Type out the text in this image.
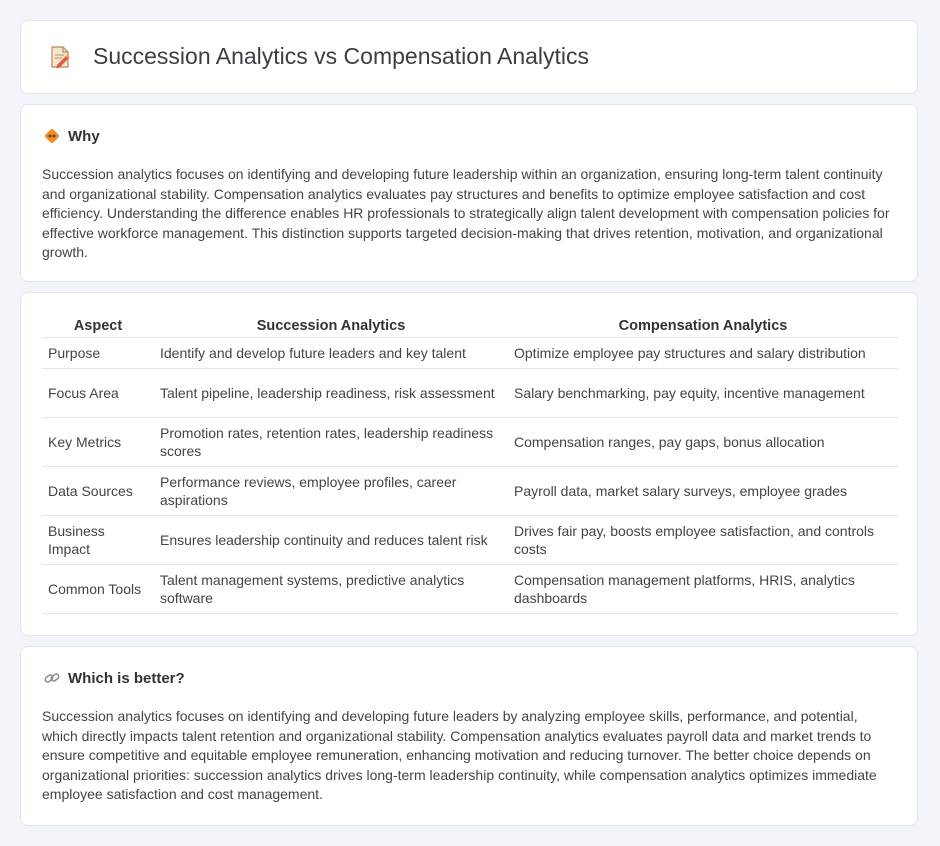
Succession Analytics vs Compensation Analytics
Why

Succession analytics focuses on identifying and developing future leadership within an organization, ensuring long-term talent continuity and organizational stability. Compensation analytics evaluates pay structures and benefits to optimize employee satisfaction and cost efficiency. Understanding the difference enables HR professionals to strategically align talent development with compensation policies for effective workforce management. This distinction supports targeted decision-making that drives retention, motivation, and organizational growth.

Aspect	Succession Analytics	Compensation Analytics
Purpose	Identify and develop future leaders and key talent	Optimize employee pay structures and salary distribution
Focus Area	Talent pipeline, leadership readiness, risk assessment	Salary benchmarking, pay equity, incentive management
Key Metrics	Promotion rates, retention rates, leadership readiness scores	Compensation ranges, pay gaps, bonus allocation
Data Sources	Performance reviews, employee profiles, career aspirations	Payroll data, market salary surveys, employee grades
Business Impact	Ensures leadership continuity and reduces talent risk	Drives fair pay, boosts employee satisfaction, and controls costs
Common Tools	Talent management systems, predictive analytics software	Compensation management platforms, HRIS, analytics dashboards
Which is better?

Succession analytics focuses on identifying and developing future leaders by analyzing employee skills, performance, and potential, which directly impacts talent retention and organizational stability. Compensation analytics evaluates payroll data and market trends to ensure competitive and equitable employee remuneration, enhancing motivation and reducing turnover. The better choice depends on organizational priorities: succession analytics drives long-term leadership continuity, while compensation analytics optimizes immediate employee satisfaction and cost management.
